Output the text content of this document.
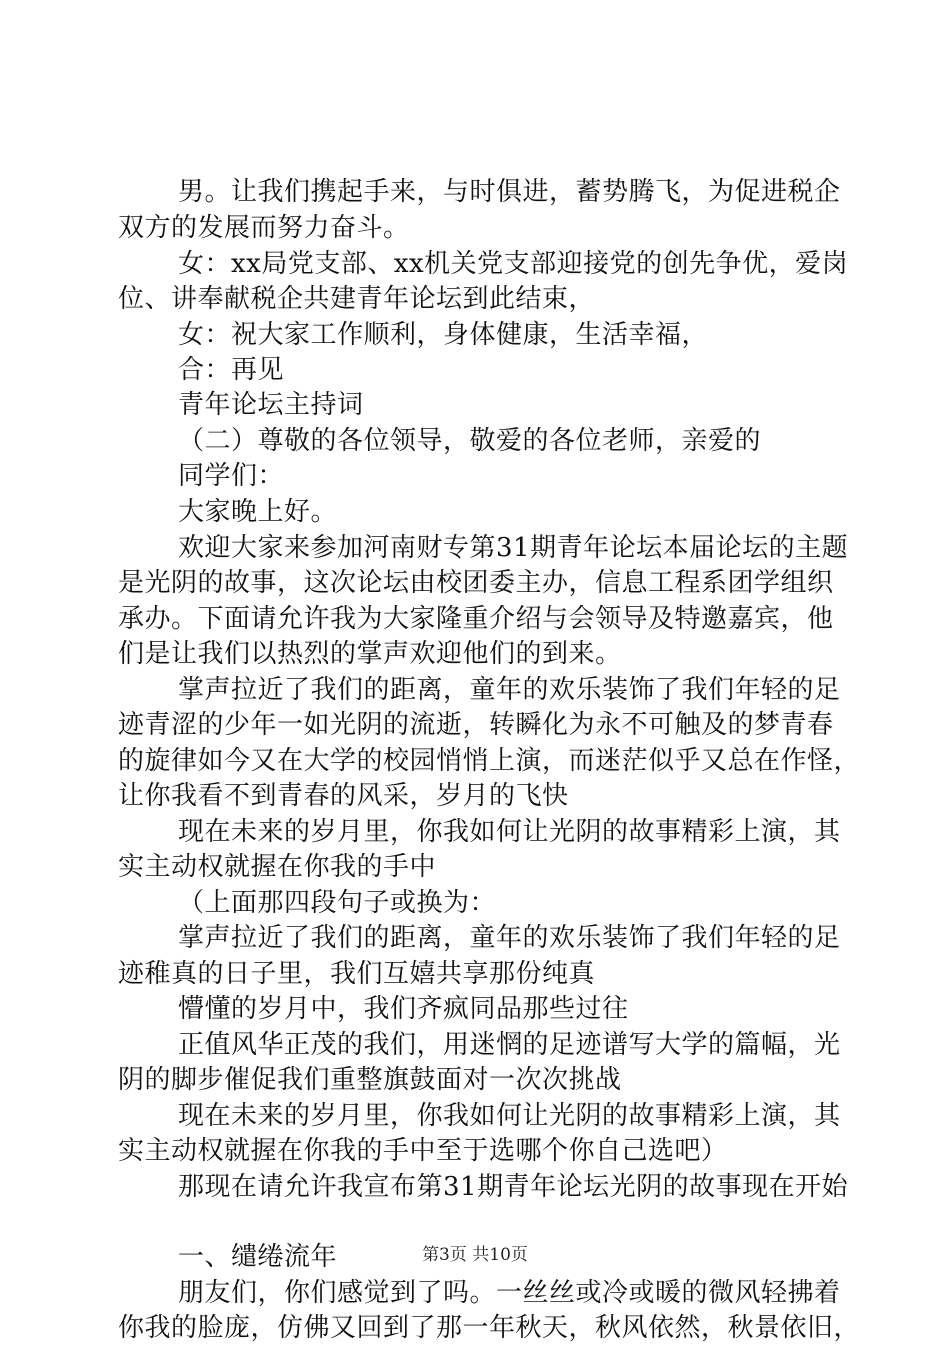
男。让我们携起手来，与时俱进，蓄势腾飞，为促进税企
双方的发展而努力奋斗。
女：xx局党支部、xx机关党支部迎接党的创先争优，爱岗
位、讲奉献税企共建青年论坛到此结束，
女：祝大家工作顺利，身体健康，生活幸福，
合：再见
青年论坛主持词
（二）尊敬的各位领导，敬爱的各位老师，亲爱的
同学们：
大家晚上好。
欢迎大家来参加河南财专第31期青年论坛本届论坛的主题
是光阴的故事，这次论坛由校团委主办，信息工程系团学组织
承办。下面请允许我为大家隆重介绍与会领导及特邀嘉宾，他
们是让我们以热烈的掌声欢迎他们的到来。
掌声拉近了我们的距离，童年的欢乐装饰了我们年轻的足
迹青涩的少年一如光阴的流逝，转瞬化为永不可触及的梦青春
的旋律如今又在大学的校园悄悄上演，而迷茫似乎又总在作怪，
让你我看不到青春的风采，岁月的飞快
现在未来的岁月里，你我如何让光阴的故事精彩上演，其
实主动权就握在你我的手中
（上面那四段句子或换为：
掌声拉近了我们的距离，童年的欢乐装饰了我们年轻的足
迹稚真的日子里，我们互嬉共享那份纯真
懵懂的岁月中，我们齐疯同品那些过往
正值风华正茂的我们，用迷惘的足迹谱写大学的篇幅，光
阴的脚步催促我们重整旗鼓面对一次次挑战
现在未来的岁月里，你我如何让光阴的故事精彩上演，其
实主动权就握在你我的手中至于选哪个你自己选吧）
那现在请允许我宣布第31期青年论坛光阴的故事现在开始
一、缱绻流年
朋友们，你们感觉到了吗。一丝丝或冷或暖的微风轻拂着
你我的脸庞，仿佛又回到了那一年秋天，秋风依然，秋景依旧，
第3页 共10页
